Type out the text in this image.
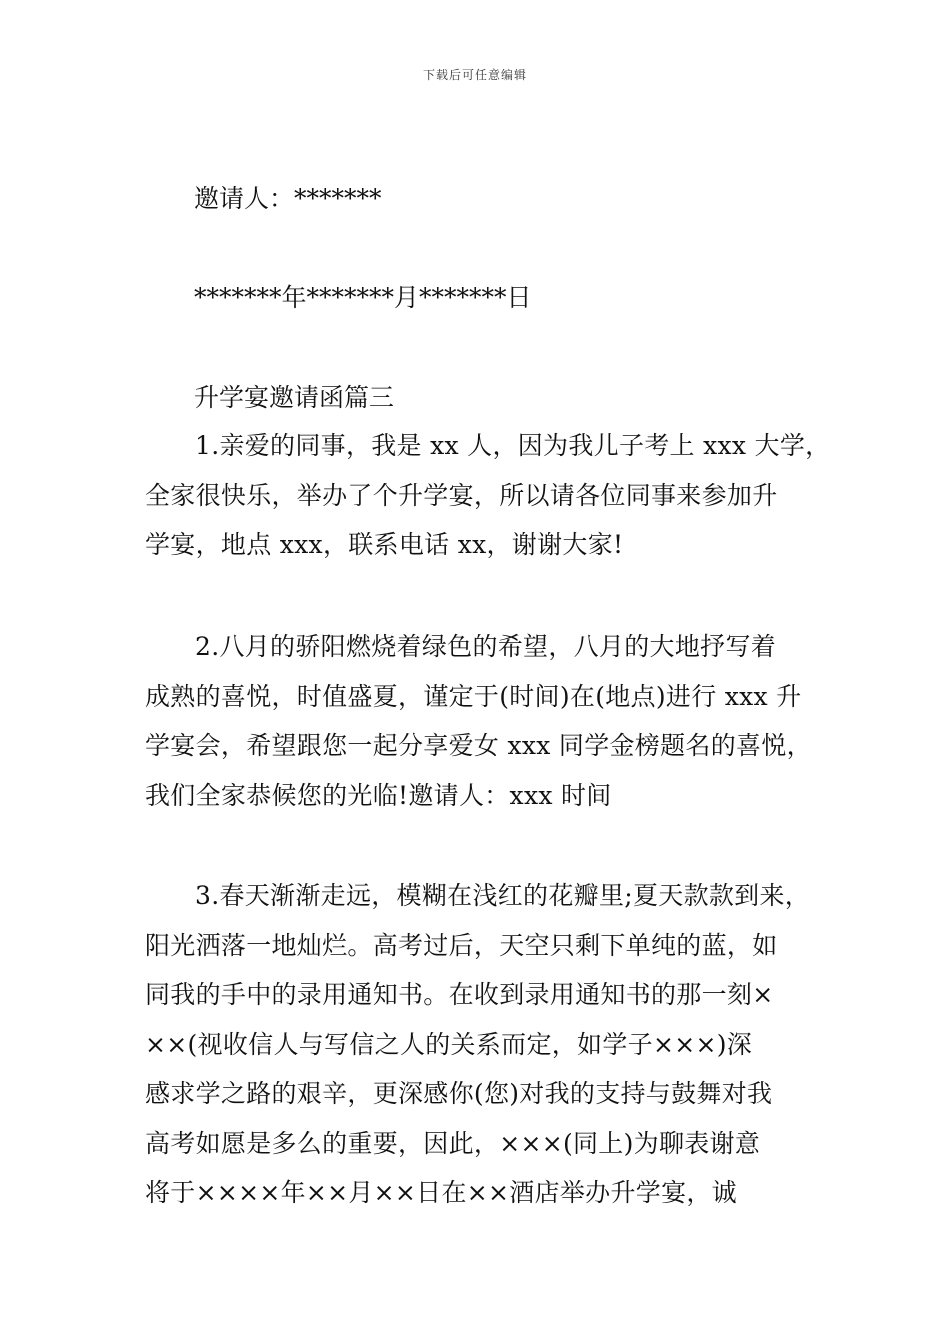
下载后可任意编辑
邀请人：*******
*******年*******月*******日
升学宴邀请函篇三
1.亲爱的同事，我是 xx 人，因为我儿子考上 xxx 大学，
全家很快乐，举办了个升学宴，所以请各位同事来参加升
学宴，地点 xxx，联系电话 xx，谢谢大家!
2.八月的骄阳燃烧着绿色的希望，八月的大地抒写着
成熟的喜悦，时值盛夏，谨定于(时间)在(地点)进行 xxx 升
学宴会，希望跟您一起分享爱女 xxx 同学金榜题名的喜悦，
我们全家恭候您的光临!邀请人：xxx 时间
3.春天渐渐走远，模糊在浅红的花瓣里;夏天款款到来，
阳光洒落一地灿烂。高考过后，天空只剩下单纯的蓝，如
同我的手中的录用通知书。在收到录用通知书的那一刻×
××(视收信人与写信之人的关系而定，如学子×××)深
感求学之路的艰辛，更深感你(您)对我的支持与鼓舞对我
高考如愿是多么的重要，因此，×××(同上)为聊表谢意
将于××××年××月××日在××酒店举办升学宴，诚
